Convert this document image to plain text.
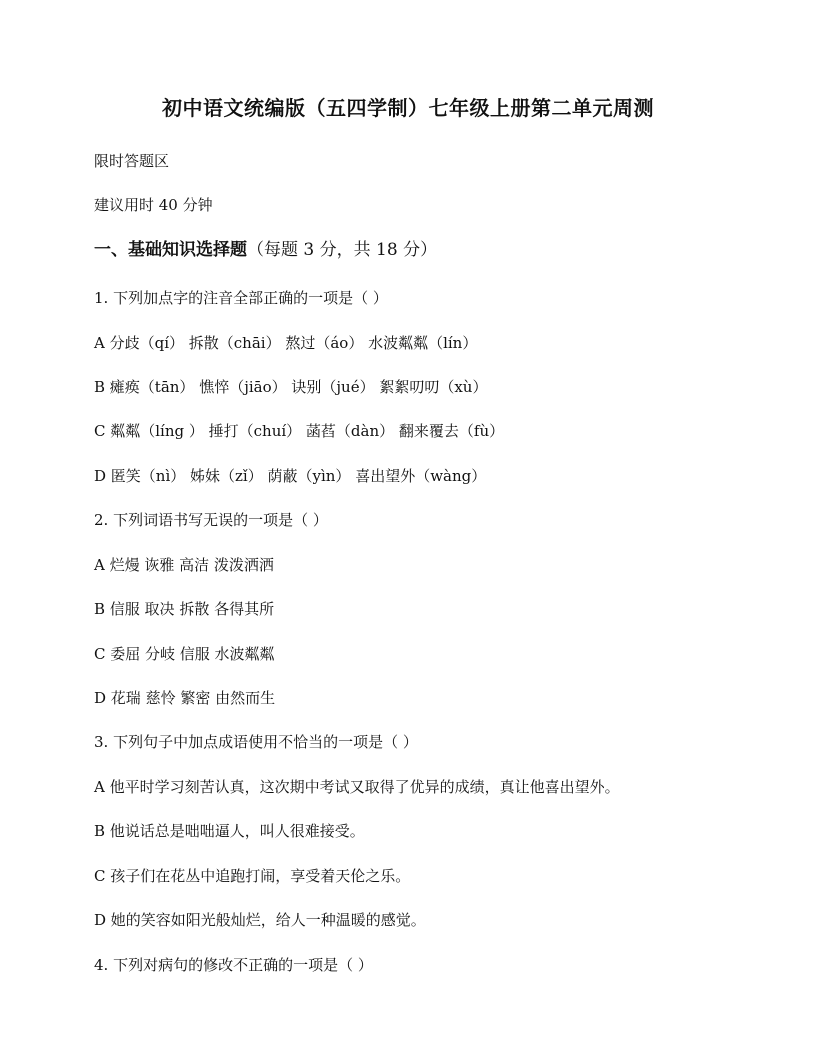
初中语文统编版（五四学制）七年级上册第二单元周测
限时答题区
建议用时 40 分钟
一、基础知识选择题（每题 3 分，共 18 分）
1. 下列加点字的注音全部正确的一项是（ ）
A 分歧（qí） 拆散（chāi） 熬过（áo） 水波粼粼（lín）
B 瘫痪（tān） 憔悴（jiāo） 诀别（jué） 絮絮叨叨（xù）
C 粼粼（líng ） 捶打（chuí） 菡萏（dàn） 翻来覆去（fù）
D 匿笑（nì） 姊妹（zǐ） 荫蔽（yìn） 喜出望外（wàng）
2. 下列词语书写无误的一项是（ ）
A 烂熳 诙雅 高洁 泼泼洒洒
B 信服 取决 拆散 各得其所
C 委屈 分岐 信服 水波粼粼
D 花瑞 慈怜 繁密 由然而生
3. 下列句子中加点成语使用不恰当的一项是（ ）
A 他平时学习刻苦认真，这次期中考试又取得了优异的成绩，真让他喜出望外。
B 他说话总是咄咄逼人，叫人很难接受。
C 孩子们在花丛中追跑打闹，享受着天伦之乐。
D 她的笑容如阳光般灿烂，给人一种温暖的感觉。
4. 下列对病句的修改不正确的一项是（ ）
